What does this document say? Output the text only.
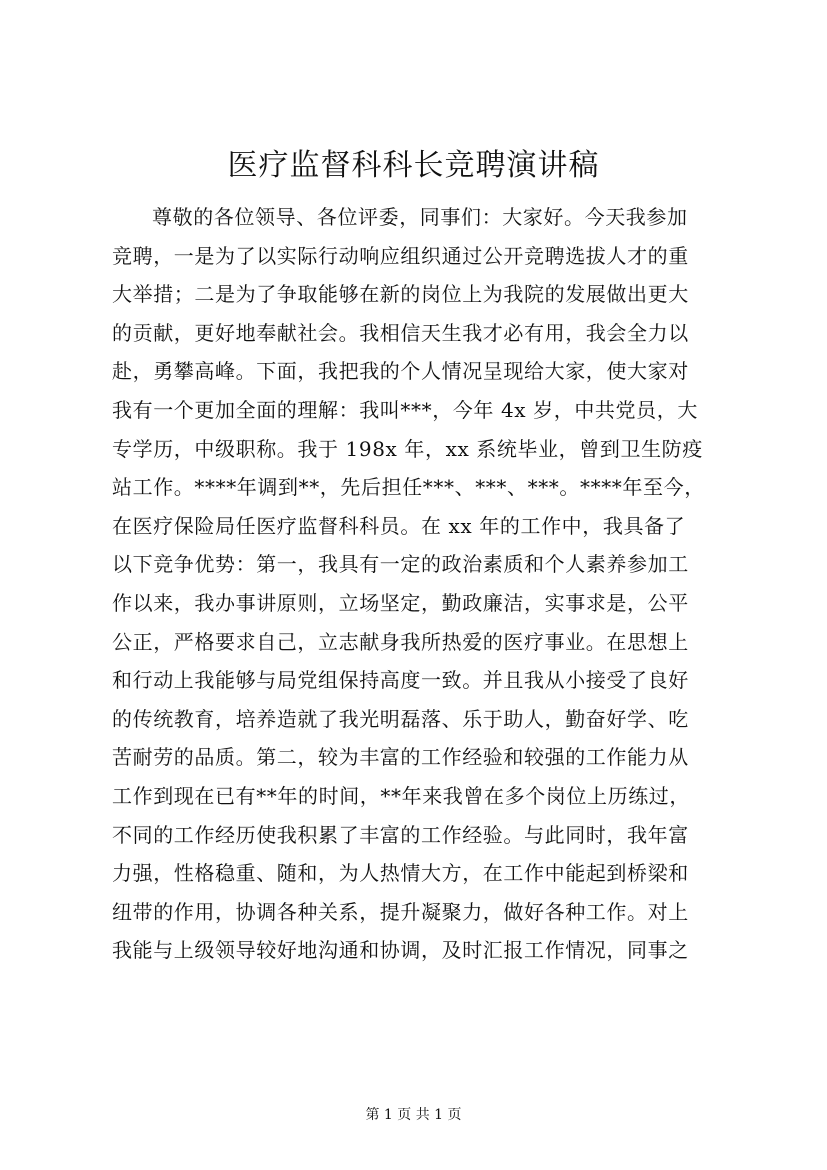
医疗监督科科长竞聘演讲稿
尊敬的各位领导、各位评委，同事们：大家好。今天我参加
竞聘，一是为了以实际行动响应组织通过公开竞聘选拔人才的重
大举措；二是为了争取能够在新的岗位上为我院的发展做出更大
的贡献，更好地奉献社会。我相信天生我才必有用，我会全力以
赴，勇攀高峰。下面，我把我的个人情况呈现给大家，使大家对
我有一个更加全面的理解：我叫***，今年 4x 岁，中共党员，大
专学历，中级职称。我于 198x 年，xx 系统毕业，曾到卫生防疫
站工作。****年调到**，先后担任***、***、***。****年至今，
在医疗保险局任医疗监督科科员。在 xx 年的工作中，我具备了
以下竞争优势：第一，我具有一定的政治素质和个人素养参加工
作以来，我办事讲原则，立场坚定，勤政廉洁，实事求是，公平
公正，严格要求自己，立志献身我所热爱的医疗事业。在思想上
和行动上我能够与局党组保持高度一致。并且我从小接受了良好
的传统教育，培养造就了我光明磊落、乐于助人，勤奋好学、吃
苦耐劳的品质。第二，较为丰富的工作经验和较强的工作能力从
工作到现在已有**年的时间，**年来我曾在多个岗位上历练过，
不同的工作经历使我积累了丰富的工作经验。与此同时，我年富
力强，性格稳重、随和，为人热情大方，在工作中能起到桥梁和
纽带的作用，协调各种关系，提升凝聚力，做好各种工作。对上
我能与上级领导较好地沟通和协调，及时汇报工作情况，同事之
第 1 页 共 1 页
